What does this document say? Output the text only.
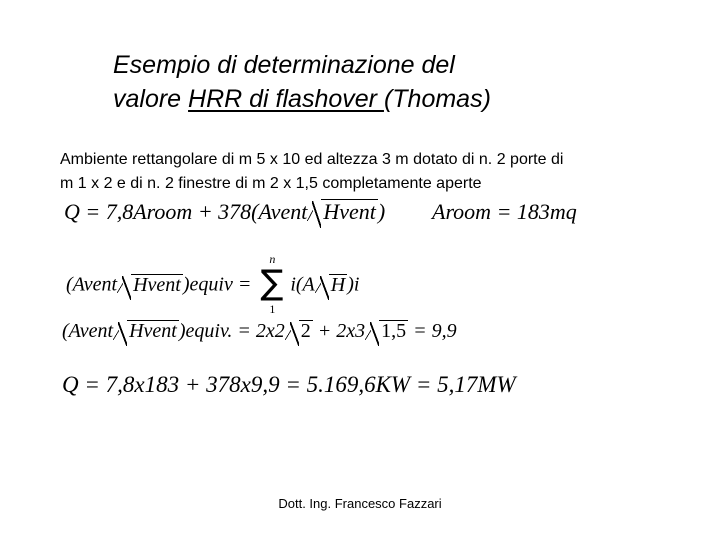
Esempio di determinazione del
valore HRR di flashover (Thomas)

Ambiente rettangolare di m 5 x 10 ed altezza 3 m dotato di n. 2 porte di
m 1 x 2 e di n. 2 finestre di m 2 x 1,5 completamente aperte

Q = 7,8Aroom + 378(Avent Hvent) Aroom = 183mq
(Avent Hvent )equiv =
n
∑
1
i(A H )i
(Avent Hvent )equiv. = 2x2 2 + 2x3 1,5 = 9,9
Q = 7,8x183 + 378x9,9 = 5.169,6KW = 5,17MW
Dott. Ing. Francesco Fazzari
